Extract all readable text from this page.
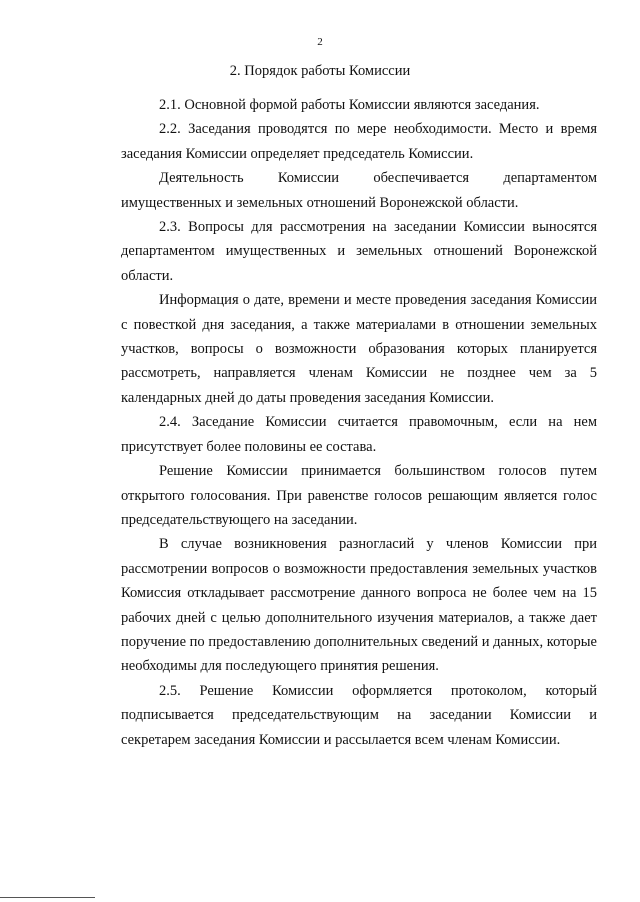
2
2. Порядок работы Комиссии

2.1. Основной формой работы Комиссии являются заседания.

2.2. Заседания проводятся по мере необходимости. Место и время заседания Комиссии определяет председатель Комиссии.

Деятельность Комиссии обеспечивается департаментом имущественных и земельных отношений Воронежской области.

2.3. Вопросы для рассмотрения на заседании Комиссии выносятся департаментом имущественных и земельных отношений Воронежской области.

Информация о дате, времени и месте проведения заседания Комиссии с повесткой дня заседания, а также материалами в отношении земельных участков, вопросы о возможности образования которых планируется рассмотреть, направляется членам Комиссии не позднее чем за 5 календарных дней до даты проведения заседания Комиссии.

2.4. Заседание Комиссии считается правомочным, если на нем присутствует более половины ее состава.

Решение Комиссии принимается большинством голосов путем открытого голосования. При равенстве голосов решающим является голос председательствующего на заседании.

В случае возникновения разногласий у членов Комиссии при рассмотрении вопросов о возможности предоставления земельных участков Комиссия откладывает рассмотрение данного вопроса не более чем на 15 рабочих дней с целью дополнительного изучения материалов, а также дает поручение по предоставлению дополнительных сведений и данных, которые необходимы для последующего принятия решения.

2.5. Решение Комиссии оформляется протоколом, который подписывается председательствующим на заседании Комиссии и секретарем заседания Комиссии и рассылается всем членам Комиссии.
